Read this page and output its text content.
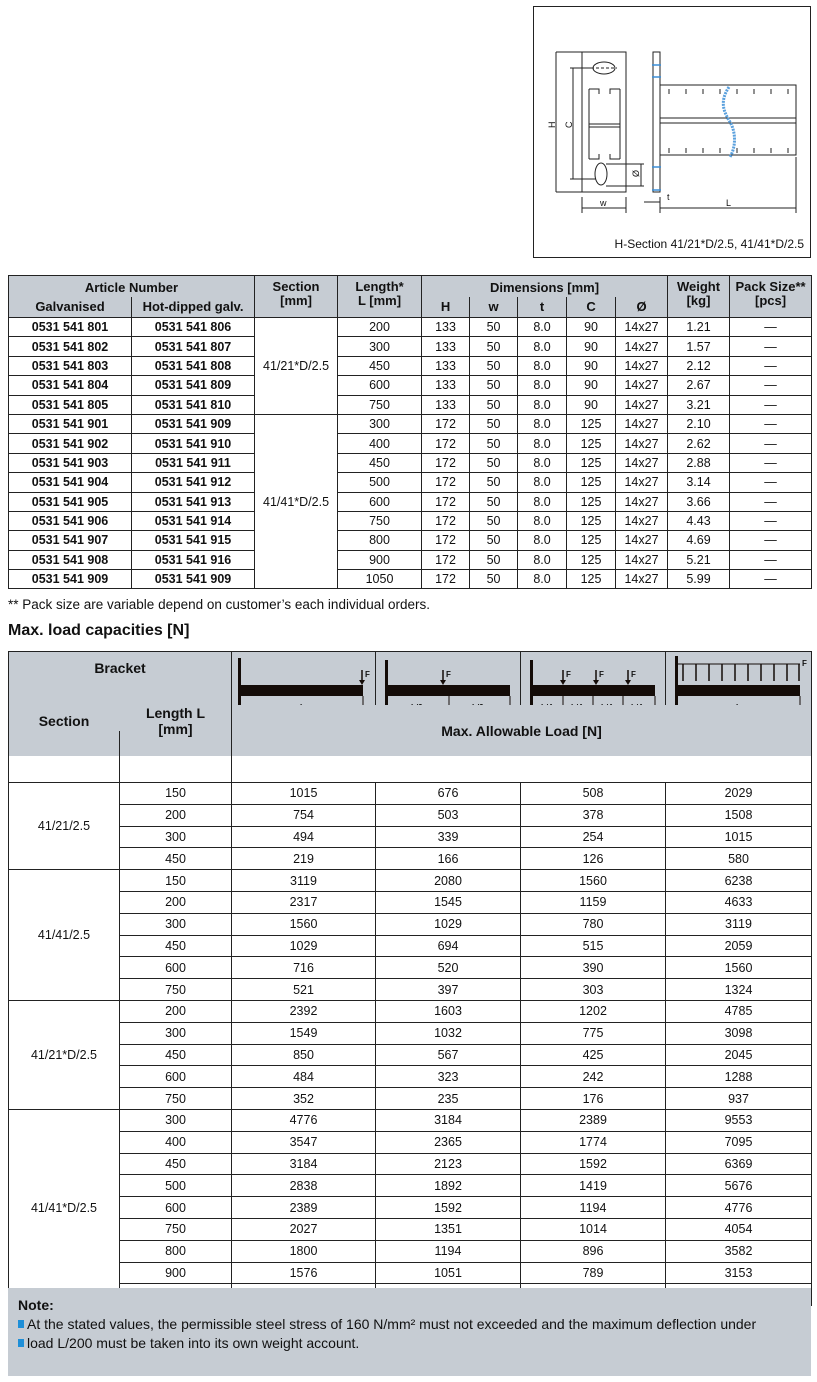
H C
Ø
w
t
L
H-Section 41/21*D/2.5, 41/41*D/2.5
Article Number		Section
[mm]	Length*
L [mm]	Dimensions [mm]					Weight
[kg]	Pack Size**
[pcs]
Galvanised	Hot-dipped galv.			H	w	t	C	Ø		
0531 541 801	0531 541 806	41/21*D/2.5	200	133	50	8.0	90	14x27	1.21	—
0531 541 802	0531 541 807		300	133	50	8.0	90	14x27	1.57	—
0531 541 803	0531 541 808		450	133	50	8.0	90	14x27	2.12	—
0531 541 804	0531 541 809		600	133	50	8.0	90	14x27	2.67	—
0531 541 805	0531 541 810		750	133	50	8.0	90	14x27	3.21	—
0531 541 901	0531 541 909	41/41*D/2.5	300	172	50	8.0	125	14x27	2.10	—
0531 541 902	0531 541 910		400	172	50	8.0	125	14x27	2.62	—
0531 541 903	0531 541 911		450	172	50	8.0	125	14x27	2.88	—
0531 541 904	0531 541 912		500	172	50	8.0	125	14x27	3.14	—
0531 541 905	0531 541 913		600	172	50	8.0	125	14x27	3.66	—
0531 541 906	0531 541 914		750	172	50	8.0	125	14x27	4.43	—
0531 541 907	0531 541 915		800	172	50	8.0	125	14x27	4.69	—
0531 541 908	0531 541 916		900	172	50	8.0	125	14x27	5.21	—
0531 541 909	0531 541 909		1050	172	50	8.0	125	14x27	5.99	—
** Pack size are variable depend on customer’s each individual orders.
Max. load capacities [N]
Bracket	F	F	F	F	F

F

Section	Length L
[mm]	Max. Allowable Load [N]			
41/21/2.5	150	1015	676	508	2029
	200	754	503	378	1508
	300	494	339	254	1015
	450	219	166	126	580
41/41/2.5	150	3119	2080	1560	6238
	200	2317	1545	1159	4633
	300	1560	1029	780	3119
	450	1029	694	515	2059
	600	716	520	390	1560
	750	521	397	303	1324
41/21*D/2.5	200	2392	1603	1202	4785
	300	1549	1032	775	3098
	450	850	567	425	2045
	600	484	323	242	1288
	750	352	235	176	937
41/41*D/2.5	300	4776	3184	2389	9553
	400	3547	2365	1774	7095
	450	3184	2123	1592	6369
	500	2838	1892	1419	5676
	600	2389	1592	1194	4776
	750	2027	1351	1014	4054
	800	1800	1194	896	3582
	900	1576	1051	789	3153

Note:
At the stated values, the permissible steel stress of 160 N/mm² must not exceeded and the maximum deflection under
load L/200 must be taken into its own weight account.
